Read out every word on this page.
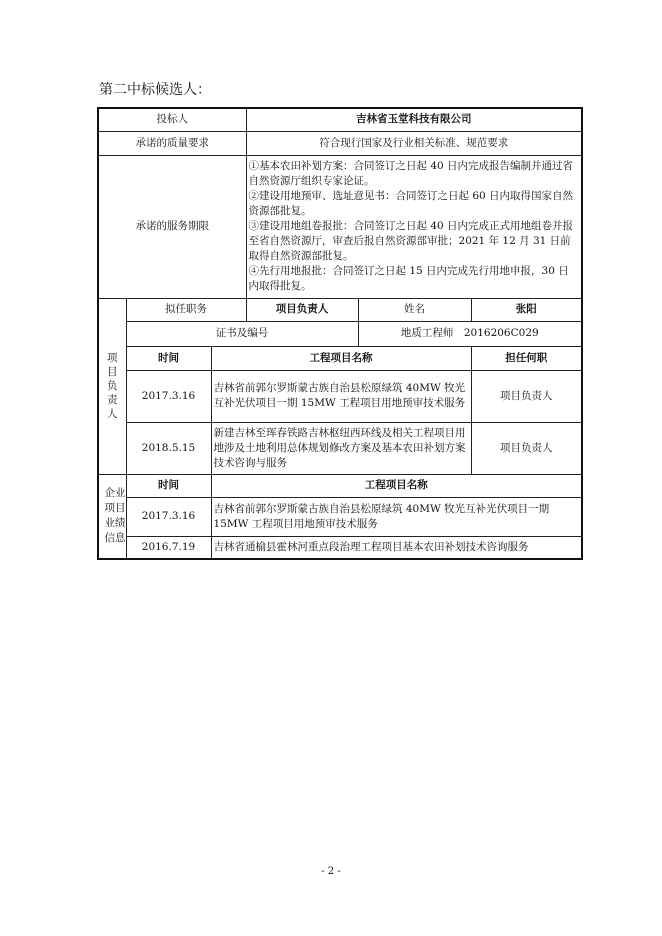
第二中标候选人：
投标人			吉林省玉堂科技有限公司		
承诺的质量要求			符合现行国家及行业相关标准、规范要求		
承诺的服务期限			①基本农田补划方案：合同签订之日起 40 日内完成报告编制并通过省自然资源厅组织专家论证。
②建设用地预审、选址意见书：合同签订之日起 60 日内取得国家自然资源部批复。
③建设用地组卷报批：合同签订之日起 40 日内完成正式用地组卷并报至省自然资源厅，审查后报自然资源部审批；2021 年 12 月 31 日前取得自然资源部批复。
④先行用地报批：合同签订之日起 15 日内完成先行用地申报，30 日内取得批复。		

项目负责人	拟任职务		项目负责人	姓名	张阳
	证书及编号			地质工程师　2016206C029	
	时间	工程项目名称			担任何职
	2017.3.16	吉林省前郭尔罗斯蒙古族自治县松原绿筑 40MW 牧光互补光伏项目一期 15MW 工程项目用地预审技术服务			项目负责人
	2018.5.15	新建吉林至珲春铁路吉林枢纽西环线及相关工程项目用地涉及土地利用总体规划修改方案及基本农田补划方案技术咨询与服务			项目负责人

企业项目业绩信息	时间	工程项目名称			
	2017.3.16	吉林省前郭尔罗斯蒙古族自治县松原绿筑 40MW 牧光互补光伏项目一期 15MW 工程项目用地预审技术服务			
	2016.7.19	吉林省通榆县霍林河重点段治理工程项目基本农田补划技术咨询服务			
- 2 -
